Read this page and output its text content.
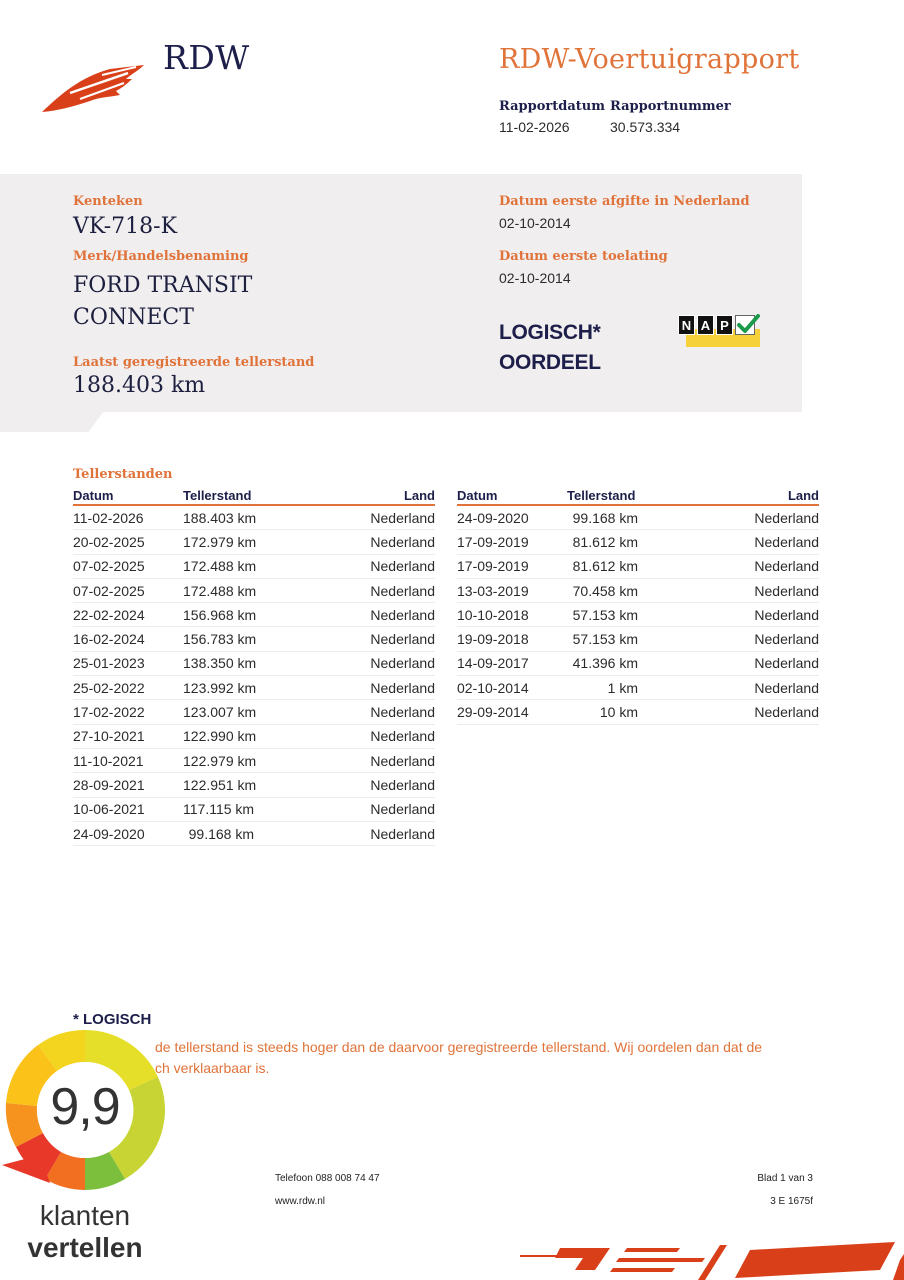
RDW	RDW-Voertuigrapport
Rapportdatum
11-02-2026
Rapportnummer
30.573.334
Kenteken
VK-718-K
Merk/Handelsbenaming
FORD TRANSIT CONNECT
Laatst geregistreerde tellerstand
188.403 km
Datum eerste afgifte in Nederland
02-10-2014
Datum eerste toelating
02-10-2014
LOGISCH*
OORDEEL
N A P
Tellerstanden
Datum	Tellerstand	Land
11-02-2026	188.403 km	Nederland
20-02-2025	172.979 km	Nederland
07-02-2025	172.488 km	Nederland
07-02-2025	172.488 km	Nederland
22-02-2024	156.968 km	Nederland
16-02-2024	156.783 km	Nederland
25-01-2023	138.350 km	Nederland
25-02-2022	123.992 km	Nederland
17-02-2022	123.007 km	Nederland
27-10-2021	122.990 km	Nederland
11-10-2021	122.979 km	Nederland
28-09-2021	122.951 km	Nederland
10-06-2021	117.115 km	Nederland
24-09-2020	99.168 km	Nederland
Datum	Tellerstand	Land
24-09-2020	99.168 km	Nederland
17-09-2019	81.612 km	Nederland
17-09-2019	81.612 km	Nederland
13-03-2019	70.458 km	Nederland
10-10-2018	57.153 km	Nederland
19-09-2018	57.153 km	Nederland
14-09-2017	41.396 km	Nederland
02-10-2014	1 km	Nederland
29-09-2014	10 km	Nederland
* LOGISCH
de tellerstand is steeds hoger dan de daarvoor geregistreerde tellerstand. Wij oordelen dan dat de
ch verklaarbaar is.
Telefoon 088 008 74 47
www.rdw.nl
Blad 1 van 3
3 E 1675f
9,9
klanten
vertellen
